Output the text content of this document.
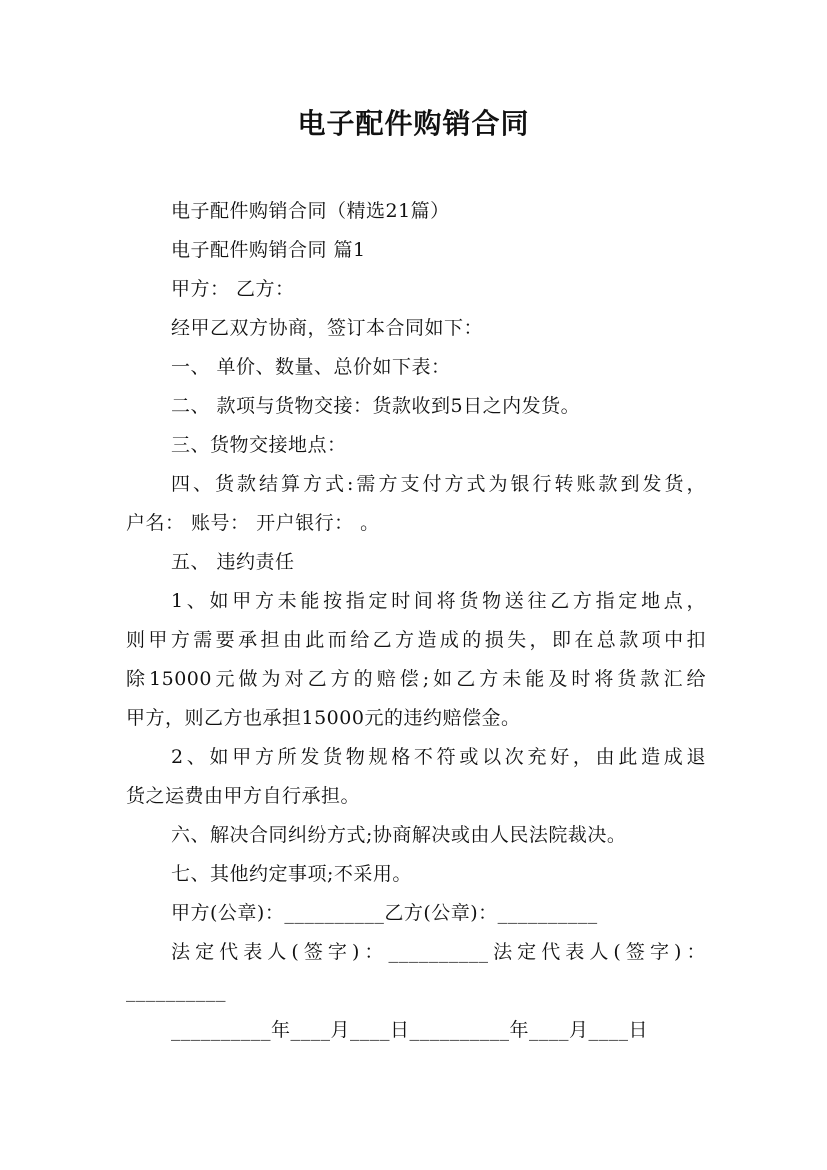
电子配件购销合同
电子配件购销合同（精选21篇）
电子配件购销合同 篇1
甲方： 乙方：
经甲乙双方协商，签订本合同如下：
一、 单价、数量、总价如下表：
二、 款项与货物交接：货款收到5日之内发货。
三、货物交接地点：
四、货款结算方式:需方支付方式为银行转账款到发货，
户名： 账号： 开户银行： 。
五、 违约责任
1、如甲方未能按指定时间将货物送往乙方指定地点，
则甲方需要承担由此而给乙方造成的损失，即在总款项中扣
除15000元做为对乙方的赔偿;如乙方未能及时将货款汇给
甲方，则乙方也承担15000元的违约赔偿金。
2、如甲方所发货物规格不符或以次充好，由此造成退
货之运费由甲方自行承担。
六、解决合同纠纷方式;协商解决或由人民法院裁决。
七、其他约定事项;不采用。
甲方(公章)：__________乙方(公章)：__________
法定代表人(签字)：__________法定代表人(签字)：
__________
__________年____月____日__________年____月____日
